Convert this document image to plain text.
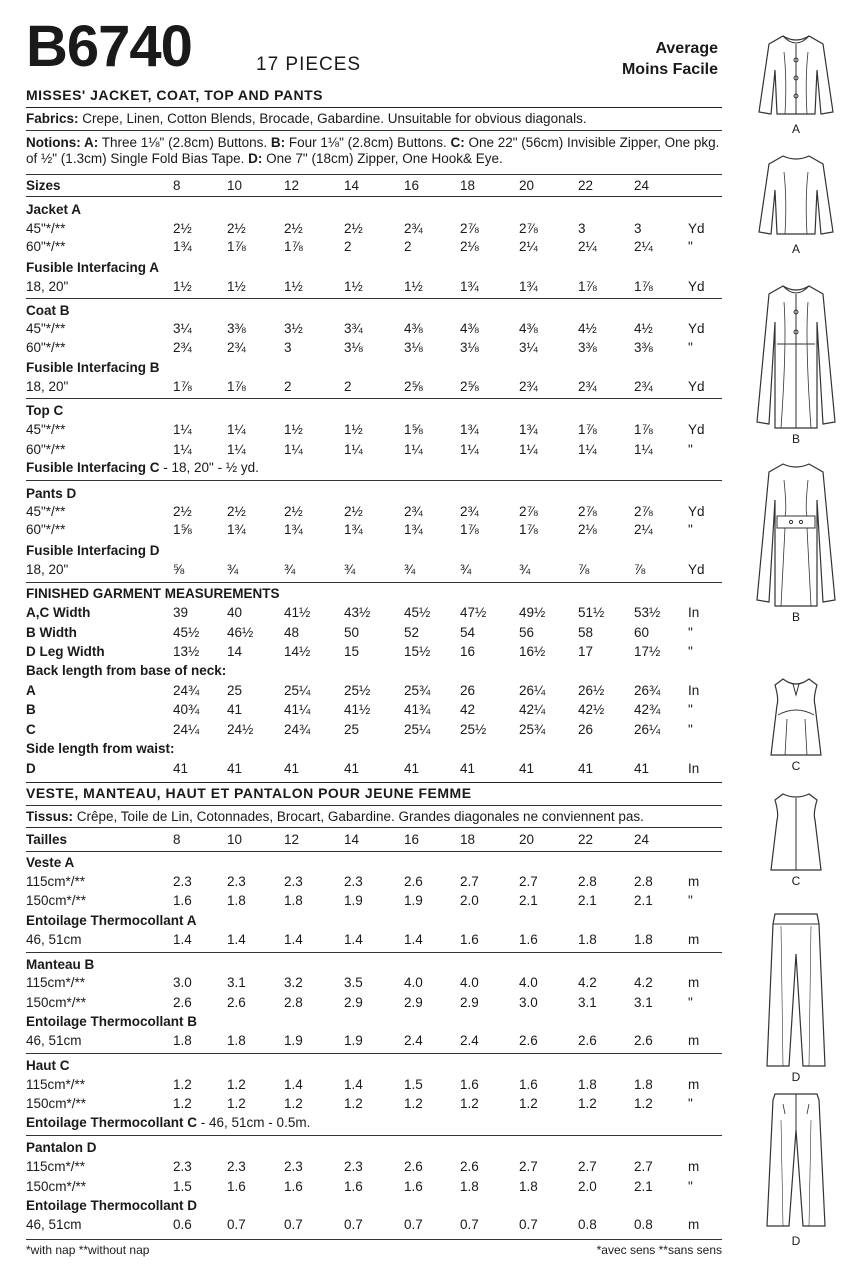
B6740	17 PIECES
Average
Moins Facile
MISSES' JACKET, COAT, TOP AND PANTS
Fabrics: Crepe, Linen, Cotton Blends, Brocade, Gabardine. Unsuitable for obvious diagonals.
Notions: A: Three 1⅛" (2.8cm) Buttons. B: Four 1⅛" (2.8cm) Buttons. C: One 22" (56cm) Invisible Zipper, One pkg. of ½" (1.3cm) Single Fold Bias Tape. D: One 7" (18cm) Zipper, One Hook& Eye.
Sizes	8	10	12	14	16	18	20	22	24
Jacket A
45"*/**	2½	2½	2½	2½	2¾	2⅞	2⅞	3	3	Yd
60"*/**	1¾	1⅞	1⅞	2	2	2⅛	2¼	2¼	2¼	"
Fusible Interfacing A
18, 20"	1½	1½	1½	1½	1½	1¾	1¾	1⅞	1⅞	Yd
Coat B
45"*/**	3¼	3⅜	3½	3¾	4⅜	4⅜	4⅜	4½	4½	Yd
60"*/**	2¾	2¾	3	3⅛	3⅛	3⅛	3¼	3⅜	3⅜	"
Fusible Interfacing B
18, 20"	1⅞	1⅞	2	2	2⅝	2⅝	2¾	2¾	2¾	Yd
Top C
45"*/**	1¼	1¼	1½	1½	1⅝	1¾	1¾	1⅞	1⅞	Yd
60"*/**	1¼	1¼	1¼	1¼	1¼	1¼	1¼	1¼	1¼	"
Fusible Interfacing C - 18, 20" - ½ yd.
Pants D
45"*/**	2½	2½	2½	2½	2¾	2¾	2⅞	2⅞	2⅞	Yd
60"*/**	1⅝	1¾	1¾	1¾	1¾	1⅞	1⅞	2⅛	2¼	"
Fusible Interfacing D
18, 20"	⅝	¾	¾	¾	¾	¾	¾	⅞	⅞	Yd
FINISHED GARMENT MEASUREMENTS
A,C Width	39	40	41½ 43½ 45½ 47½ 49½ 51½ 53½ In
B Width	45½ 46½ 48	50	52	54	56	58	60	"
D Leg Width	13½ 14	14½ 15	15½ 16	16½ 17	17½ "
Back length from base of neck:
A	24¾ 25	25¼ 25½ 25¾ 26	26¼ 26½ 26¾ In
B	40¾ 41	41¼ 41½ 41¾ 42	42¼ 42½ 42¾ "
C	24¼ 24½ 24¾ 25	25¼ 25½ 25¾ 26	26¼ "
Side length from waist:
D	41	41	41	41	41	41	41	41	41	In
VESTE, MANTEAU, HAUT ET PANTALON POUR JEUNE FEMME
Tissus: Crêpe, Toile de Lin, Cotonnades, Brocart, Gabardine. Grandes diagonales ne conviennent pas.
Tailles	8	10	12	14	16	18	20	22	24
Veste A
115cm*/**	2.3	2.3	2.3	2.3	2.6	2.7	2.7	2.8	2.8	m
150cm*/**	1.6	1.8	1.8	1.9	1.9	2.0	2.1	2.1	2.1	"
Entoilage Thermocollant A
46, 51cm	1.4	1.4	1.4	1.4	1.4	1.6	1.6	1.8	1.8	m
Manteau B
115cm*/**	3.0	3.1	3.2	3.5	4.0	4.0	4.0	4.2	4.2	m
150cm*/**	2.6	2.6	2.8	2.9	2.9	2.9	3.0	3.1	3.1	"
Entoilage Thermocollant B
46, 51cm	1.8	1.8	1.9	1.9	2.4	2.4	2.6	2.6	2.6	m
Haut C
115cm*/**	1.2	1.2	1.4	1.4	1.5	1.6	1.6	1.8	1.8	m
150cm*/**	1.2	1.2	1.2	1.2	1.2	1.2	1.2	1.2	1.2	"
Entoilage Thermocollant C - 46, 51cm - 0.5m.
Pantalon D
115cm*/**	2.3	2.3	2.3	2.3	2.6	2.6	2.7	2.7	2.7	m
150cm*/**	1.5	1.6	1.6	1.6	1.6	1.8	1.8	2.0	2.1	"
Entoilage Thermocollant D
46, 51cm	0.6	0.7	0.7	0.7	0.7	0.7	0.7	0.8	0.8	m
*with nap **without nap	*avec sens **sans sens
A
A
B
B
C
C
D
D
